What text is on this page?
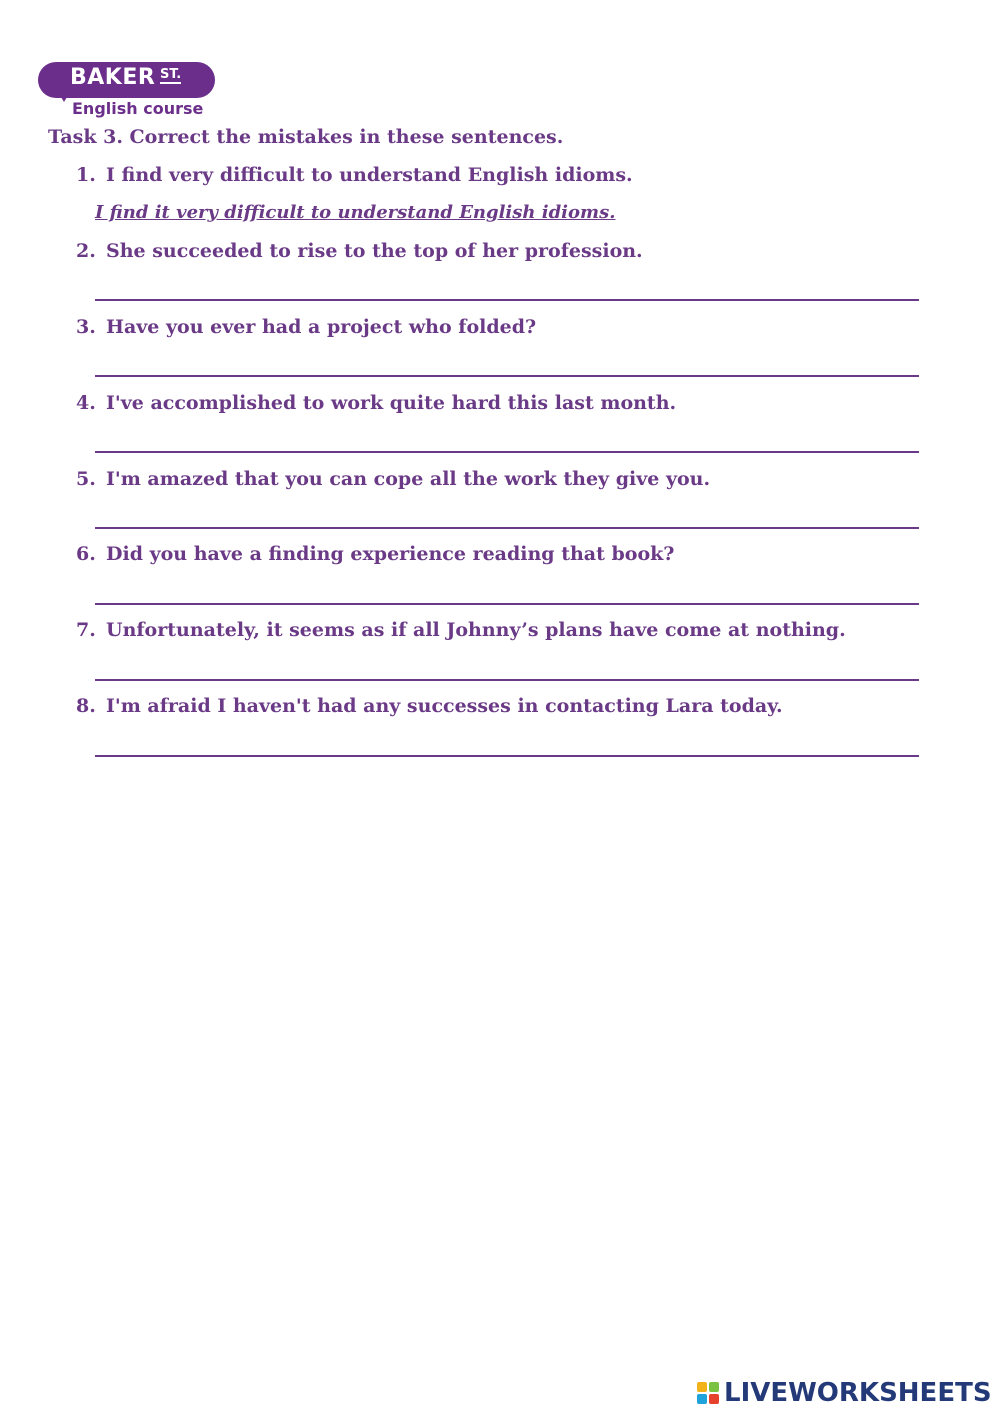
BAKER ST.
English course
Task 3. Correct the mistakes in these sentences.
1. I find very difficult to understand English idioms.
I find it very difficult to understand English idioms.
2. She succeeded to rise to the top of her profession.
3. Have you ever had a project who folded?
4. I've accomplished to work quite hard this last month.
5. I'm amazed that you can cope all the work they give you.
6. Did you have a finding experience reading that book?
7. Unfortunately, it seems as if all Johnny’s plans have come at nothing.
8. I'm afraid I haven't had any successes in contacting Lara today.
LIVEWORKSHEETS
